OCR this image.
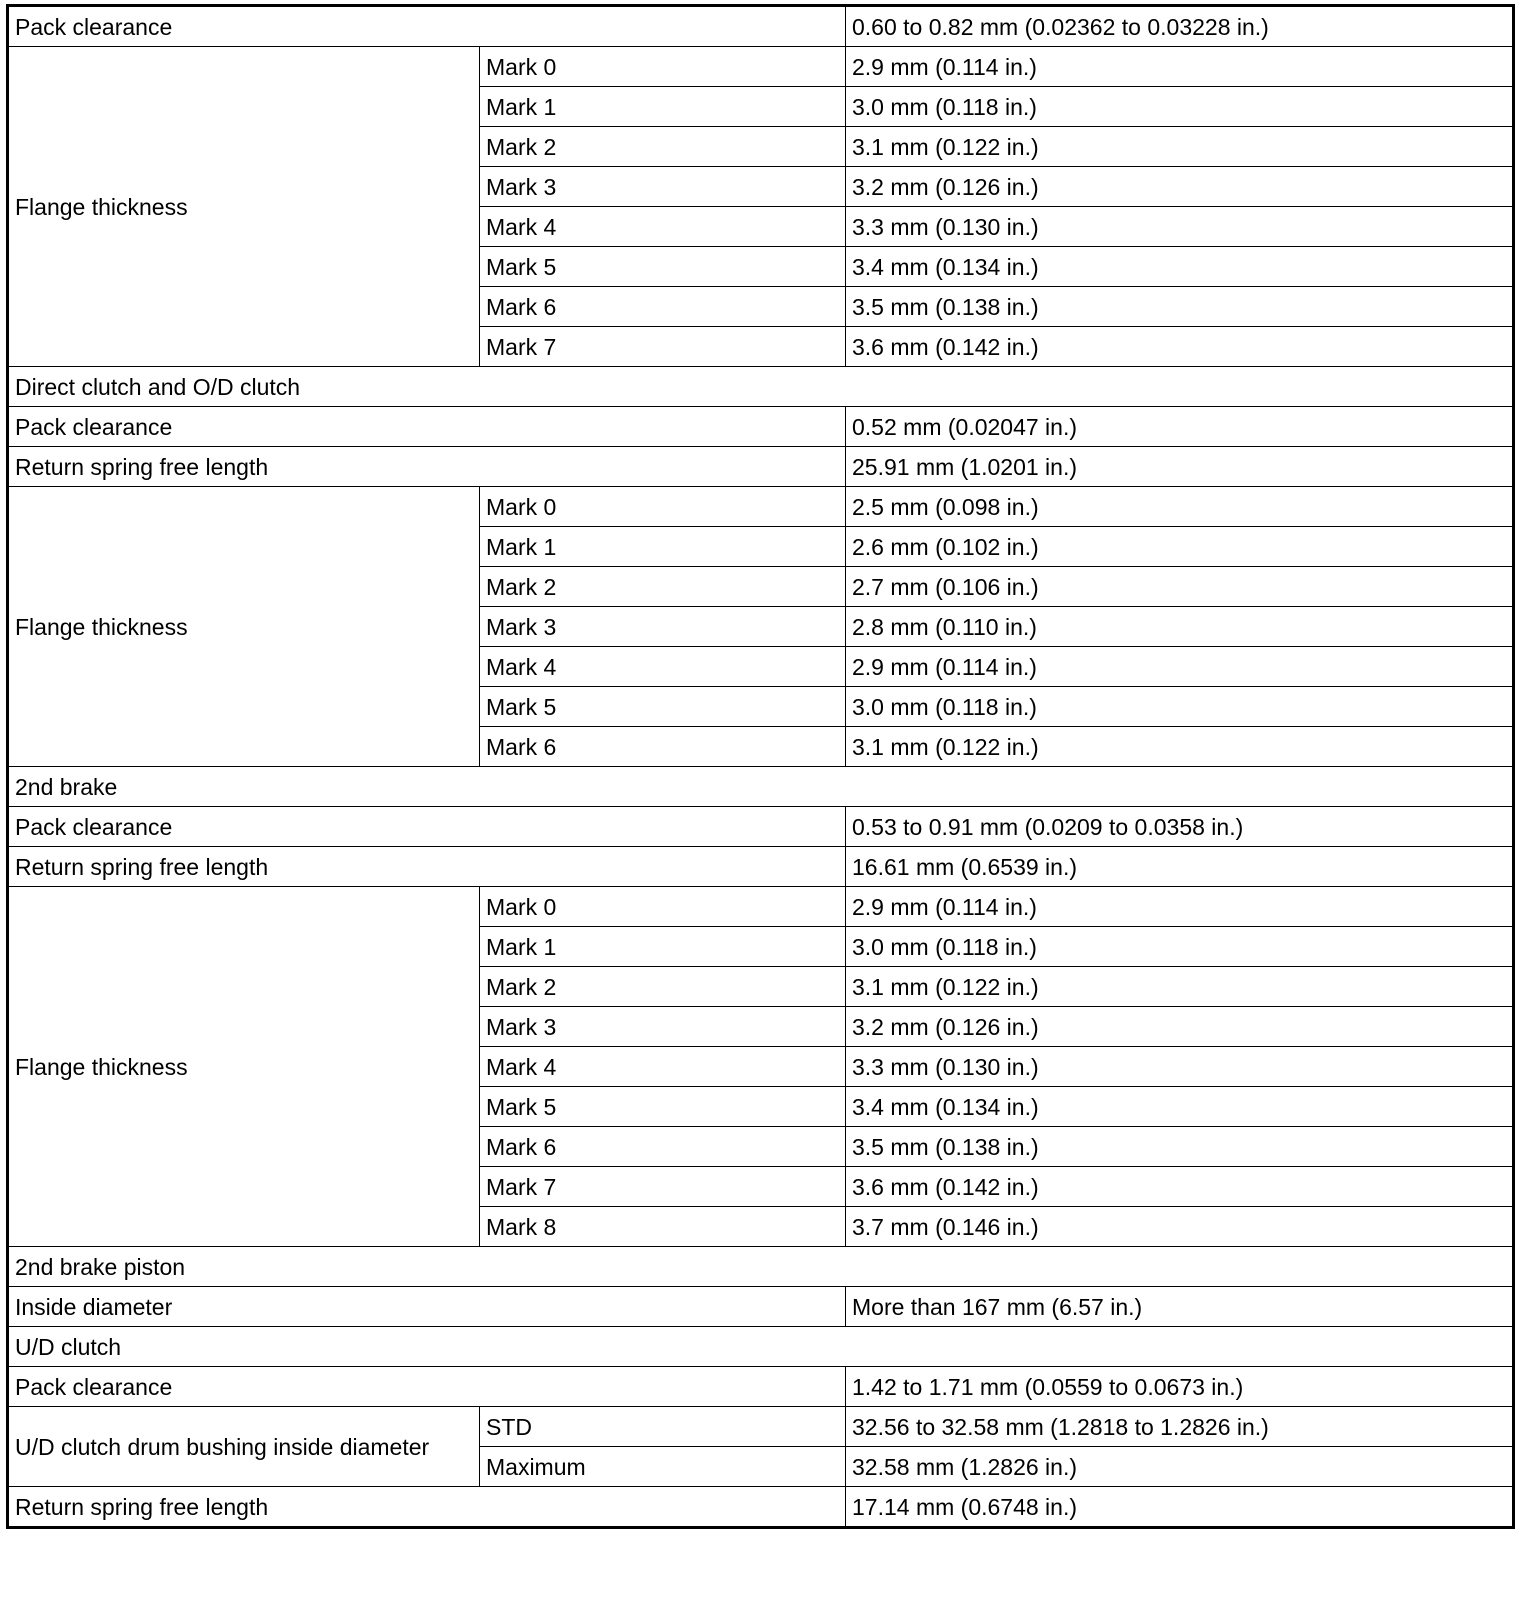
Pack clearance		0.60 to 0.82 mm (0.02362 to 0.03228 in.)
Flange thickness	Mark 0	2.9 mm (0.114 in.)
	Mark 1	3.0 mm (0.118 in.)
	Mark 2	3.1 mm (0.122 in.)
	Mark 3	3.2 mm (0.126 in.)
	Mark 4	3.3 mm (0.130 in.)
	Mark 5	3.4 mm (0.134 in.)
	Mark 6	3.5 mm (0.138 in.)
	Mark 7	3.6 mm (0.142 in.)
Direct clutch and O/D clutch		
Pack clearance		0.52 mm (0.02047 in.)
Return spring free length		25.91 mm (1.0201 in.)
Flange thickness	Mark 0	2.5 mm (0.098 in.)
	Mark 1	2.6 mm (0.102 in.)
	Mark 2	2.7 mm (0.106 in.)
	Mark 3	2.8 mm (0.110 in.)
	Mark 4	2.9 mm (0.114 in.)
	Mark 5	3.0 mm (0.118 in.)
	Mark 6	3.1 mm (0.122 in.)
2nd brake		
Pack clearance		0.53 to 0.91 mm (0.0209 to 0.0358 in.)
Return spring free length		16.61 mm (0.6539 in.)
Flange thickness	Mark 0	2.9 mm (0.114 in.)
	Mark 1	3.0 mm (0.118 in.)
	Mark 2	3.1 mm (0.122 in.)
	Mark 3	3.2 mm (0.126 in.)
	Mark 4	3.3 mm (0.130 in.)
	Mark 5	3.4 mm (0.134 in.)
	Mark 6	3.5 mm (0.138 in.)
	Mark 7	3.6 mm (0.142 in.)
	Mark 8	3.7 mm (0.146 in.)
2nd brake piston		
Inside diameter		More than 167 mm (6.57 in.)
U/D clutch		
Pack clearance		1.42 to 1.71 mm (0.0559 to 0.0673 in.)
U/D clutch drum bushing inside diameter	STD	32.56 to 32.58 mm (1.2818 to 1.2826 in.)
	Maximum	32.58 mm (1.2826 in.)
Return spring free length		17.14 mm (0.6748 in.)
